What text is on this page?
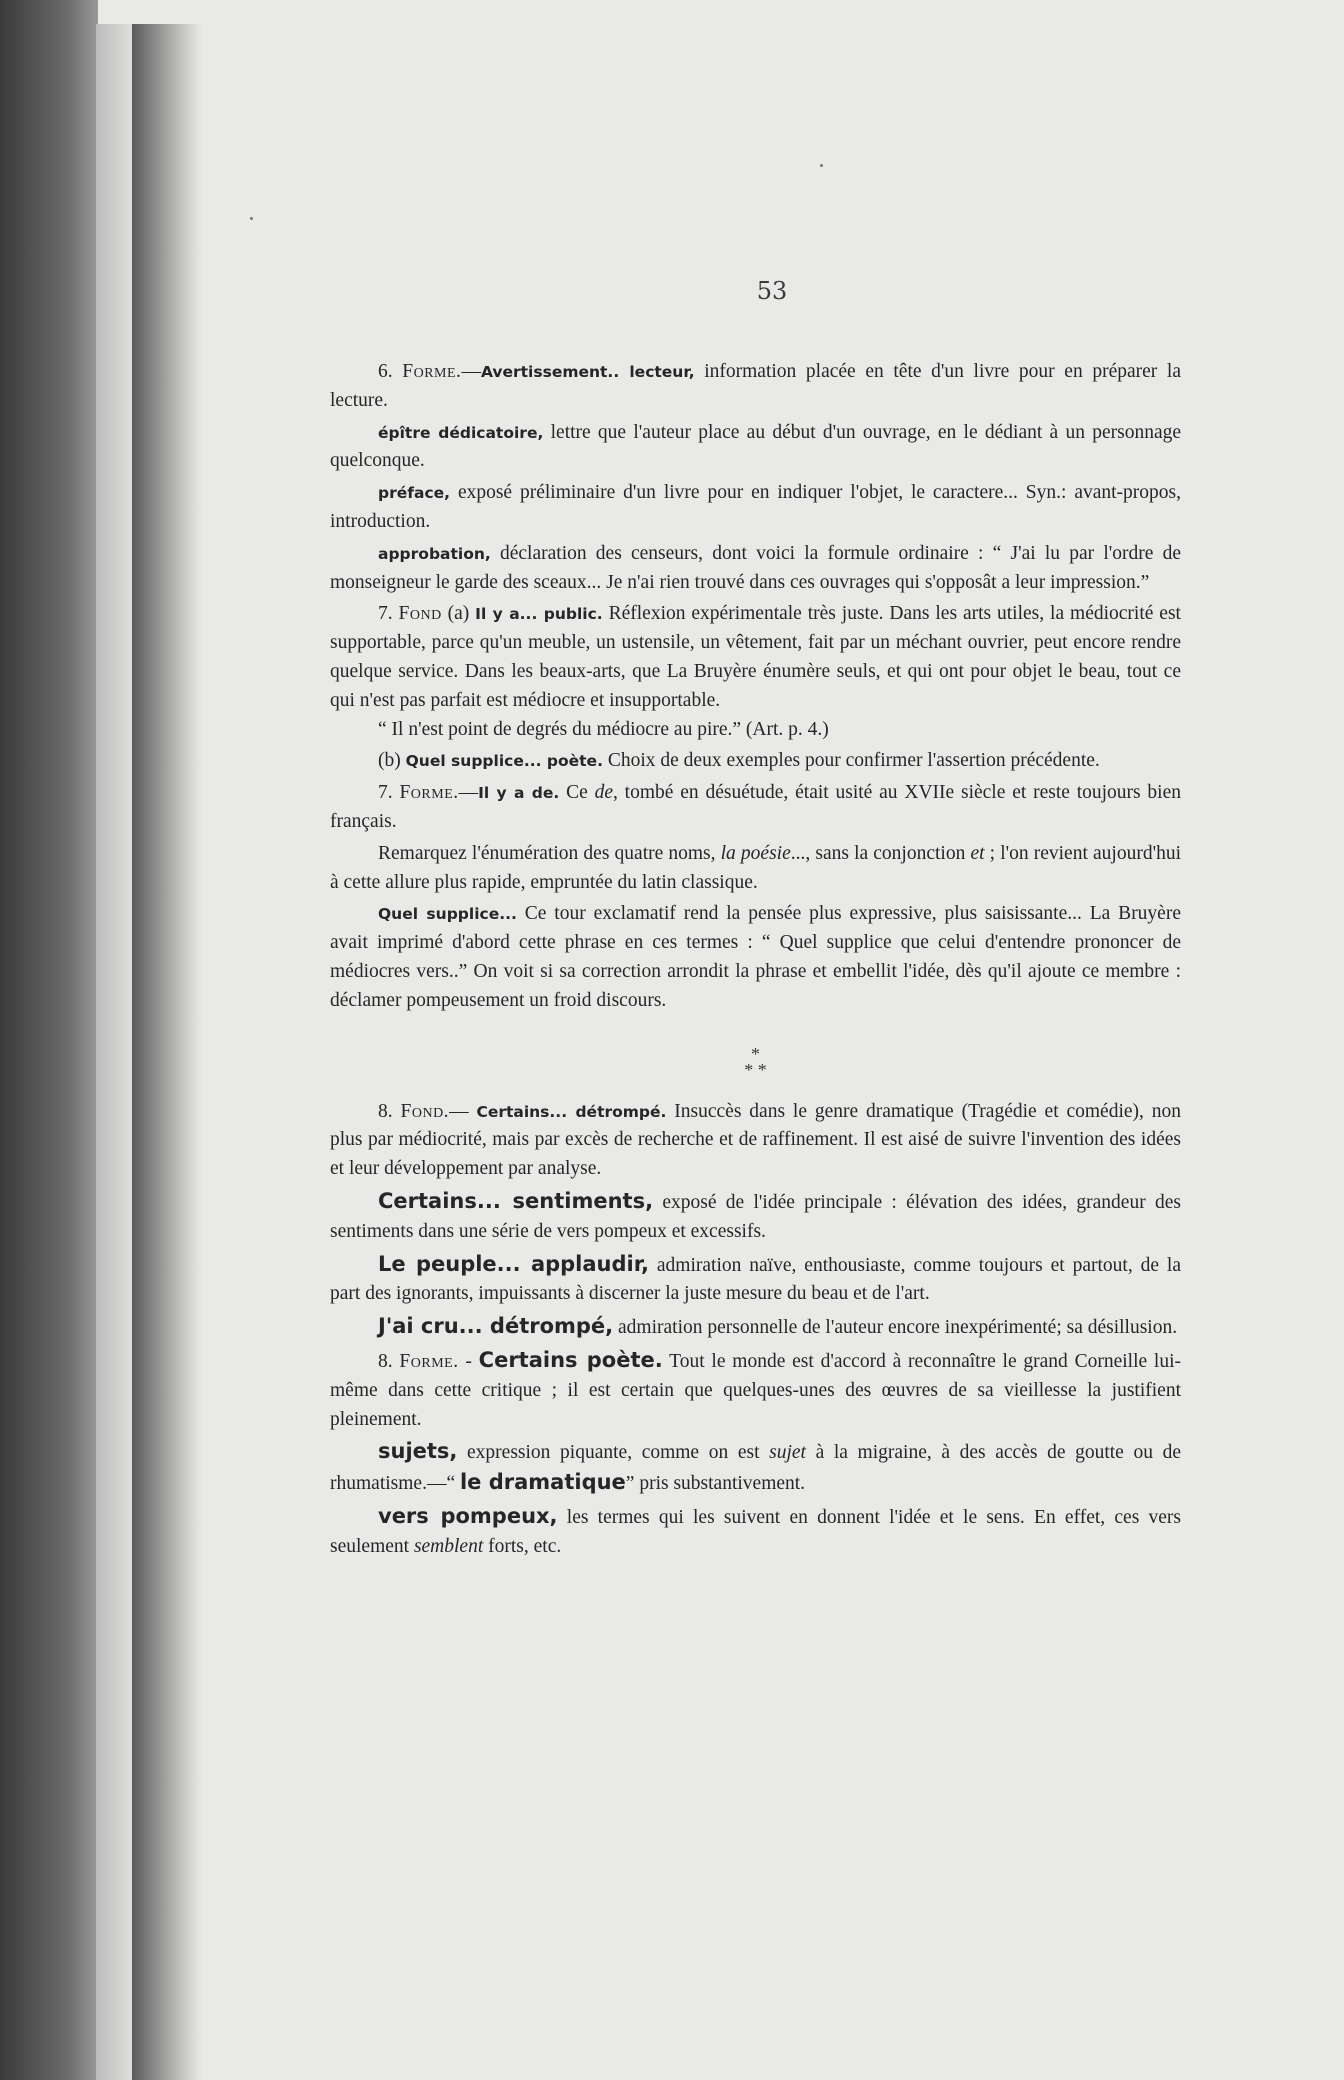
53

6. Forme.—Avertissement.. lecteur, information placée en tête d'un livre pour en préparer la lecture.

épître dédicatoire, lettre que l'auteur place au début d'un ouvrage, en le dédiant à un personnage quelconque.

préface, exposé préliminaire d'un livre pour en indiquer l'objet, le caractere... Syn.: avant-propos, introduction.

approbation, déclaration des censeurs, dont voici la formule ordinaire : “ J'ai lu par l'ordre de monseigneur le garde des sceaux... Je n'ai rien trouvé dans ces ouvrages qui s'opposât a leur impression.”

7. Fond (a) Il y a... public. Réflexion expérimentale très juste. Dans les arts utiles, la médiocrité est supportable, parce qu'un meuble, un ustensile, un vêtement, fait par un méchant ouvrier, peut encore rendre quelque service. Dans les beaux-arts, que La Bruyère énumère seuls, et qui ont pour objet le beau, tout ce qui n'est pas parfait est médiocre et insupportable.

“ Il n'est point de degrés du médiocre au pire.” (Art. p. 4.)

(b) Quel supplice... poète. Choix de deux exemples pour confirmer l'assertion précédente.

7. Forme.—Il y a de. Ce de, tombé en désuétude, était usité au XVIIe siècle et reste toujours bien français.

Remarquez l'énumération des quatre noms, la poésie..., sans la conjonction et ; l'on revient aujourd'hui à cette allure plus rapide, empruntée du latin classique.

Quel supplice... Ce tour exclamatif rend la pensée plus expressive, plus saisissante... La Bruyère avait imprimé d'abord cette phrase en ces termes : “ Quel supplice que celui d'entendre prononcer de médiocres vers..” On voit si sa correction arrondit la phrase et embellit l'idée, dès qu'il ajoute ce membre : déclamer pompeusement un froid discours.

*
* *

8. Fond.— Certains... détrompé. Insuccès dans le genre dramatique (Tragédie et comédie), non plus par médiocrité, mais par excès de recherche et de raffinement. Il est aisé de suivre l'invention des idées et leur développement par analyse.

Certains... sentiments, exposé de l'idée principale : élévation des idées, grandeur des sentiments dans une série de vers pompeux et excessifs.

Le peuple... applaudir, admiration naïve, enthousiaste, comme toujours et partout, de la part des ignorants, impuissants à discerner la juste mesure du beau et de l'art.

J'ai cru... détrompé, admiration personnelle de l'auteur encore inexpérimenté; sa désillusion.

8. Forme. - Certains poète. Tout le monde est d'accord à reconnaître le grand Corneille lui-même dans cette critique ; il est certain que quelques-unes des œuvres de sa vieillesse la justifient pleinement.

sujets, expression piquante, comme on est sujet à la migraine, à des accès de goutte ou de rhumatisme.—“ le dramatique” pris substantivement.

vers pompeux, les termes qui les suivent en donnent l'idée et le sens. En effet, ces vers seulement semblent forts, etc.
